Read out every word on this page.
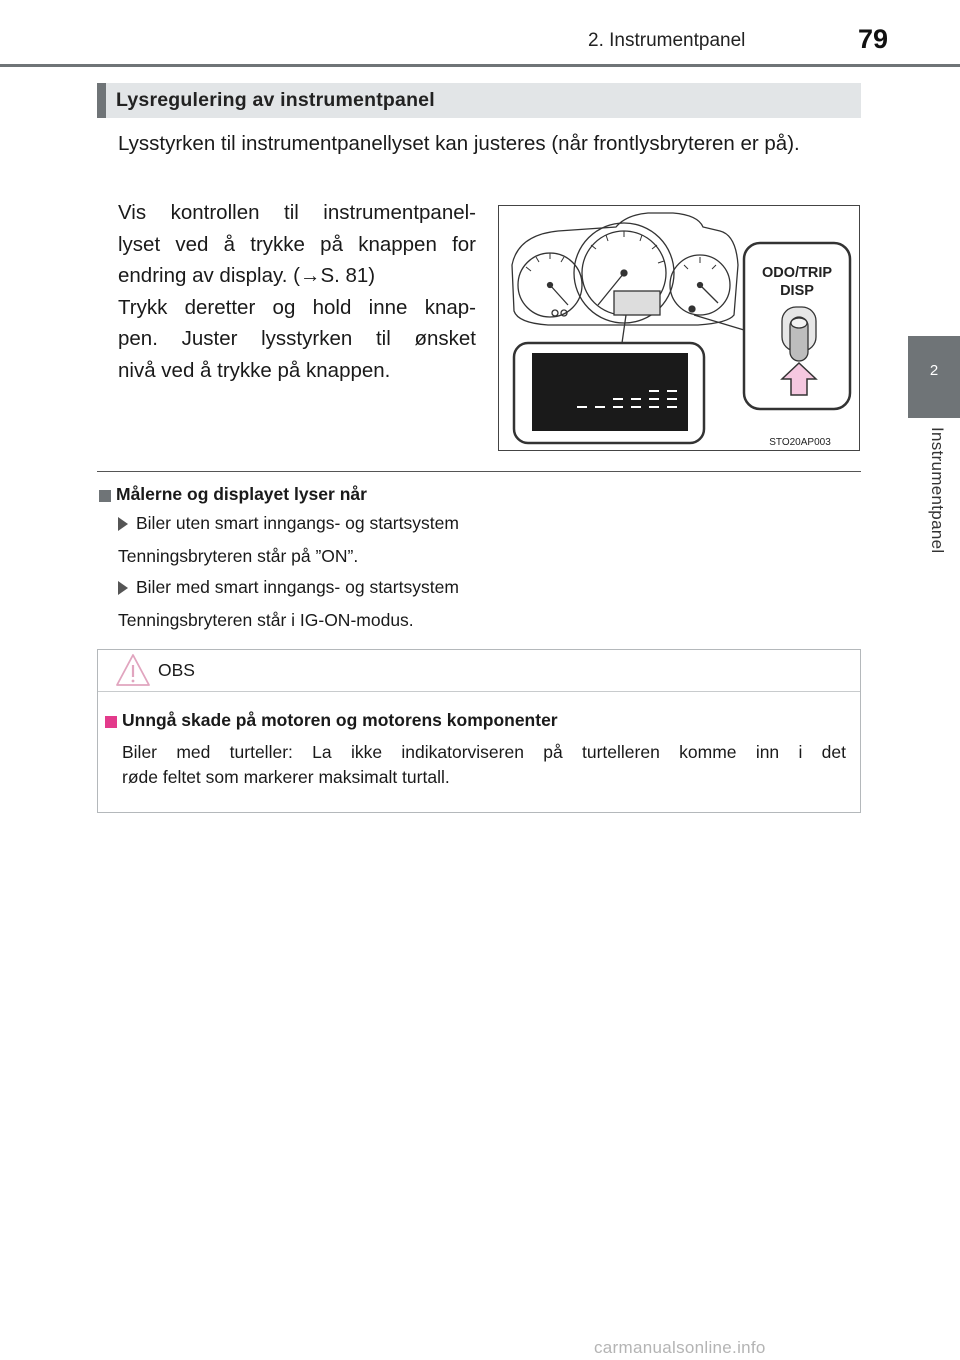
2. Instrumentpanel	79
2
Instrumentpanel
Lysregulering av instrumentpanel
Lysstyrken til instrumentpanellyset kan justeres (når frontlysbryteren er på).

Vis kontrollen til instrumentpanel-

lyset ved å trykke på knappen for

endring av display. (→S. 81)

Trykk deretter og hold inne knap-

pen. Juster lysstyrken til ønsket

nivå ved å trykke på knappen.

ODO/TRIP
DISP
STO20AP003
Målerne og displayet lyser når
Biler uten smart inngangs- og startsystem
Tenningsbryteren står på ”ON”.
Biler med smart inngangs- og startsystem
Tenningsbryteren står i IG-ON-modus.
OBS
Unngå skade på motoren og motorens komponenter
Biler med turteller: La ikke indikatorviseren på turtelleren komme inn i det
røde feltet som markerer maksimalt turtall.
carmanualsonline.info
